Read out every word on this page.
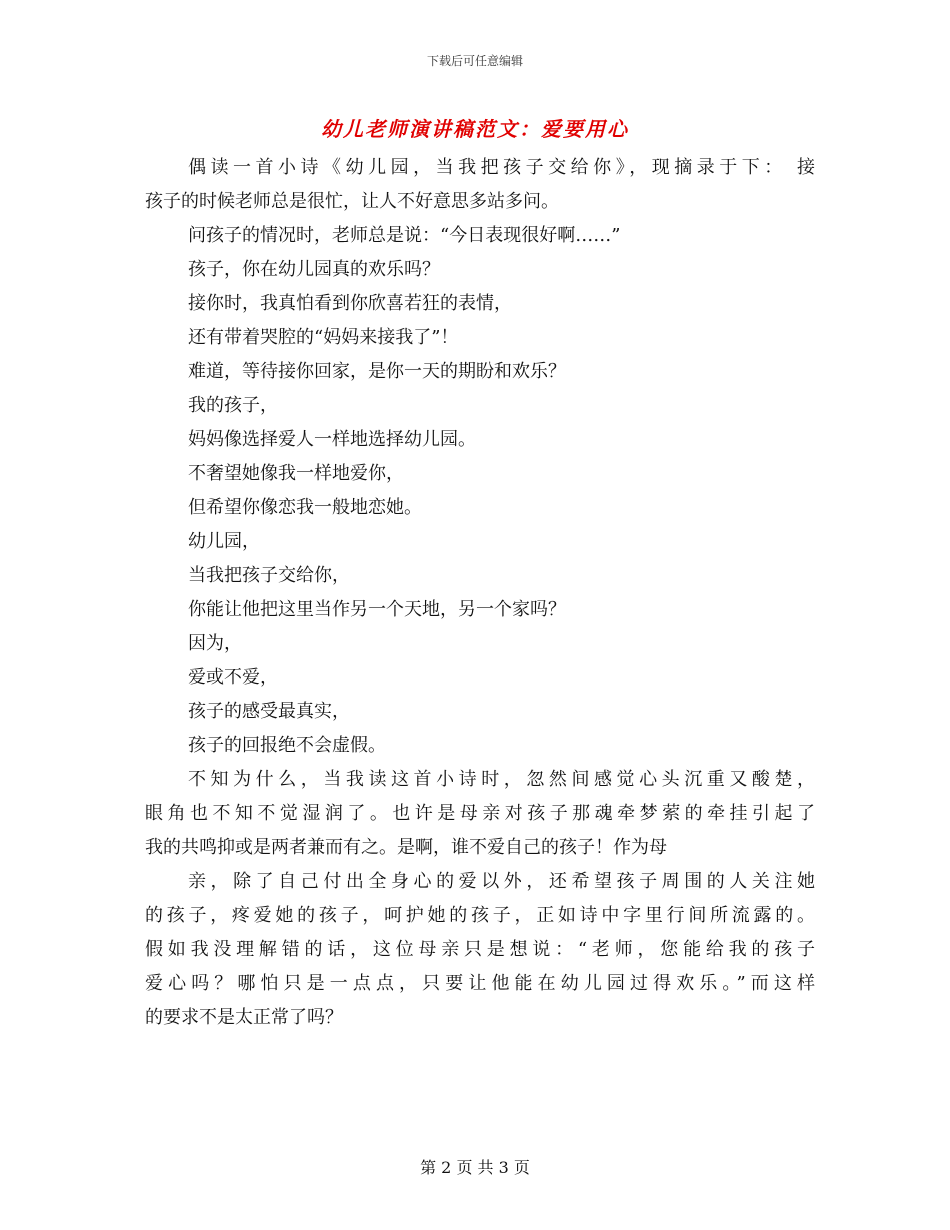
下载后可任意编辑
幼儿老师演讲稿范文：爱要用心
偶读一首小诗《幼儿园，当我把孩子交给你》，现摘录于下： 接
孩子的时候老师总是很忙，让人不好意思多站多问。
问孩子的情况时，老师总是说：“今日表现很好啊……”
孩子，你在幼儿园真的欢乐吗？
接你时，我真怕看到你欣喜若狂的表情，
还有带着哭腔的“妈妈来接我了”！
难道，等待接你回家，是你一天的期盼和欢乐？
我的孩子，
妈妈像选择爱人一样地选择幼儿园。
不奢望她像我一样地爱你，
但希望你像恋我一般地恋她。
幼儿园，
当我把孩子交给你，
你能让他把这里当作另一个天地，另一个家吗？
因为，
爱或不爱，
孩子的感受最真实，
孩子的回报绝不会虚假。
不知为什么，当我读这首小诗时，忽然间感觉心头沉重又酸楚，
眼角也不知不觉湿润了。也许是母亲对孩子那魂牵梦萦的牵挂引起了
我的共鸣抑或是两者兼而有之。是啊，谁不爱自己的孩子！作为母
亲，除了自己付出全身心的爱以外，还希望孩子周围的人关注她
的孩子，疼爱她的孩子，呵护她的孩子，正如诗中字里行间所流露的。
假如我没理解错的话，这位母亲只是想说：“老师，您能给我的孩子
爱心吗？哪怕只是一点点，只要让他能在幼儿园过得欢乐。”而这样
的要求不是太正常了吗？
第 2 页 共 3 页
